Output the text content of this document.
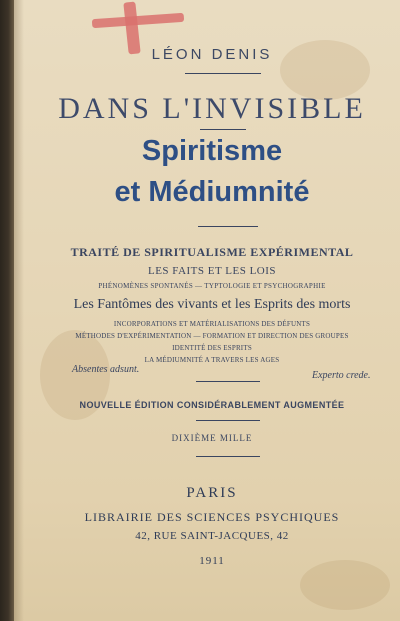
LÉON DENIS
DANS L'INVISIBLE
Spiritisme
et Médiumnité
TRAITÉ DE SPIRITUALISME EXPÉRIMENTAL
LES FAITS ET LES LOIS
PHÉNOMÈNES SPONTANÉS — TYPTOLOGIE ET PSYCHOGRAPHIE
Les Fantômes des vivants et les Esprits des morts
INCORPORATIONS ET MATÉRIALISATIONS DES DÉFUNTS
MÉTHODES D'EXPÉRIMENTATION — FORMATION ET DIRECTION DES GROUPES
IDENTITÉ DES ESPRITS
LA MÉDIUMNITÉ A TRAVERS LES AGES
Absentes adsunt.
Experto crede.
NOUVELLE ÉDITION CONSIDÉRABLEMENT AUGMENTÉE
DIXIÈME MILLE
PARIS
LIBRAIRIE DES SCIENCES PSYCHIQUES
42, RUE SAINT-JACQUES, 42
1911
